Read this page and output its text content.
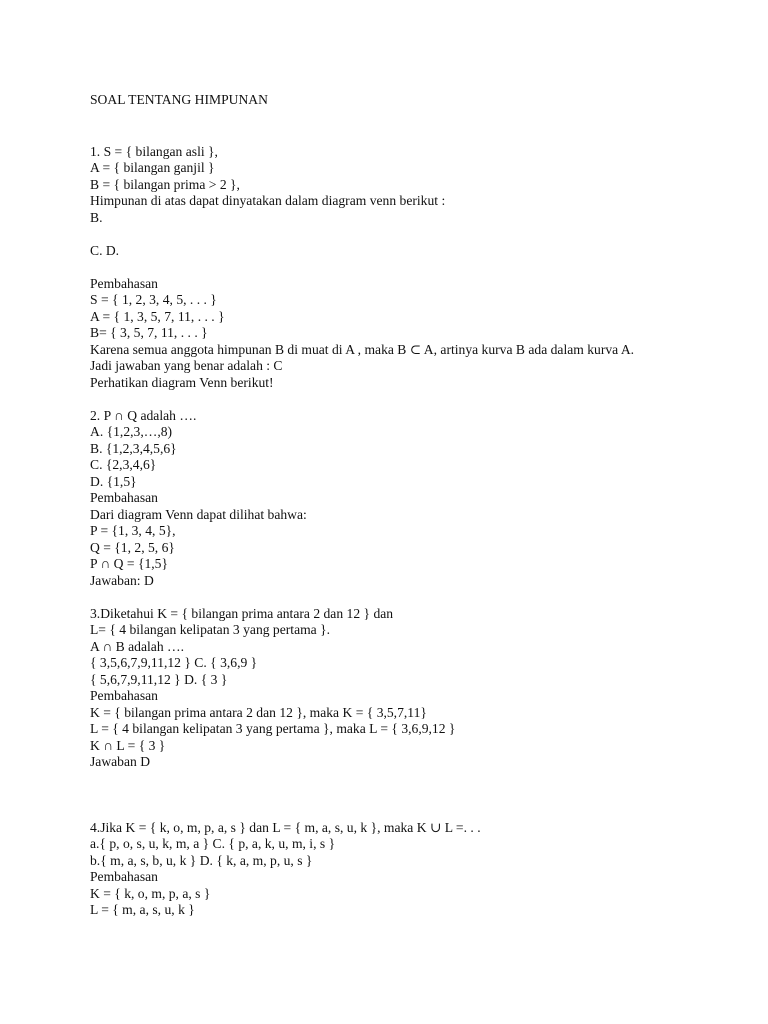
SOAL TENTANG HIMPUNAN
1. S = { bilangan asli },
A = { bilangan ganjil }
B = { bilangan prima > 2 },
Himpunan di atas dapat dinyatakan dalam diagram venn berikut :
B.
C. D.
Pembahasan
S = { 1, 2, 3, 4, 5, . . . }
A = { 1, 3, 5, 7, 11, . . . }
B= { 3, 5, 7, 11, . . . }
Karena semua anggota himpunan B di muat di A , maka B ⊂ A, artinya kurva B ada dalam kurva A.
Jadi jawaban yang benar adalah : C
Perhatikan diagram Venn berikut!
2. P ∩ Q adalah ….
A. {1,2,3,…,8)
B. {1,2,3,4,5,6}
C. {2,3,4,6}
D. {1,5}
Pembahasan
Dari diagram Venn dapat dilihat bahwa:
P = {1, 3, 4, 5},
Q = {1, 2, 5, 6}
P ∩ Q = {1,5}
Jawaban: D
3.Diketahui K = { bilangan prima antara 2 dan 12 } dan
L= { 4 bilangan kelipatan 3 yang pertama }.
A ∩ B adalah ….
{ 3,5,6,7,9,11,12 } C. { 3,6,9 }
{ 5,6,7,9,11,12 } D. { 3 }
Pembahasan
K = { bilangan prima antara 2 dan 12 }, maka K = { 3,5,7,11}
L = { 4 bilangan kelipatan 3 yang pertama }, maka L = { 3,6,9,12 }
K ∩ L = { 3 }
Jawaban D
4.Jika K = { k, o, m, p, a, s } dan L = { m, a, s, u, k }, maka K ∪ L =. . .
a.{ p, o, s, u, k, m, a } C. { p, a, k, u, m, i, s }
b.{ m, a, s, b, u, k } D. { k, a, m, p, u, s }
Pembahasan
K = { k, o, m, p, a, s }
L = { m, a, s, u, k }
